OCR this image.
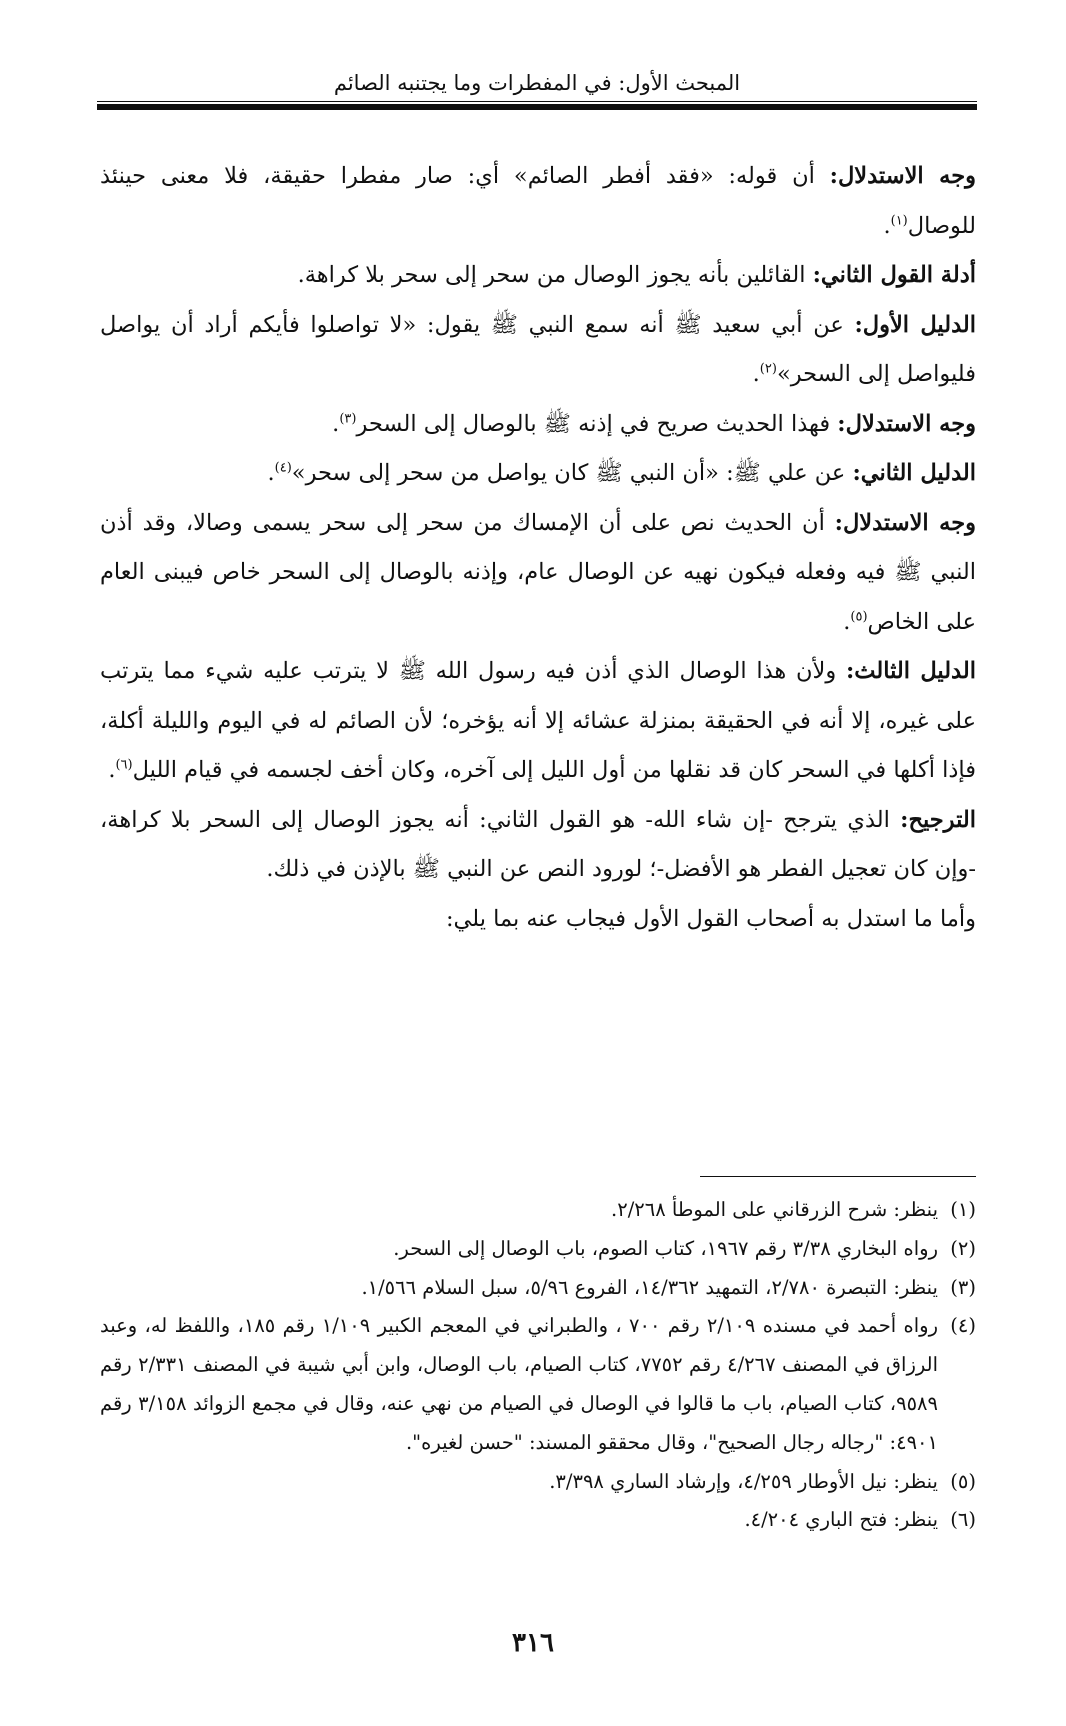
المبحث الأول: في المفطرات وما يجتنبه الصائم

وجه الاستدلال: أن قوله: «فقد أفطر الصائم» أي: صار مفطرا حقيقة، فلا معنى حينئذ للوصال$^{(١)}$.

أدلة القول الثاني: القائلين بأنه يجوز الوصال من سحر إلى سحر بلا كراهة.

الدليل الأول: عن أبي سعيد ﷺ أنه سمع النبي ﷺ يقول: «لا تواصلوا فأيكم أراد أن يواصل فليواصل إلى السحر»$^{(٢)}$.

وجه الاستدلال: فهذا الحديث صريح في إذنه ﷺ بالوصال إلى السحر$^{(٣)}$.

الدليل الثاني: عن علي ﷺ: «أن النبي ﷺ كان يواصل من سحر إلى سحر»$^{(٤)}$.

وجه الاستدلال: أن الحديث نص على أن الإمساك من سحر إلى سحر يسمى وصالا، وقد أذن النبي ﷺ فيه وفعله فيكون نهيه عن الوصال عام، وإذنه بالوصال إلى السحر خاص فيبنى العام على الخاص$^{(٥)}$.

الدليل الثالث: ولأن هذا الوصال الذي أذن فيه رسول الله ﷺ لا يترتب عليه شيء مما يترتب على غيره، إلا أنه في الحقيقة بمنزلة عشائه إلا أنه يؤخره؛ لأن الصائم له في اليوم والليلة أكلة، فإذا أكلها في السحر كان قد نقلها من أول الليل إلى آخره، وكان أخف لجسمه في قيام الليل$^{(٦)}$.

الترجيح: الذي يترجح -إن شاء الله- هو القول الثاني: أنه يجوز الوصال إلى السحر بلا كراهة، -وإن كان تعجيل الفطر هو الأفضل-؛ لورود النص عن النبي ﷺ بالإذن في ذلك.

وأما ما استدل به أصحاب القول الأول فيجاب عنه بما يلي:

(١)
ينظر: شرح الزرقاني على الموطأ ٢/٢٦٨.
(٢)
رواه البخاري ٣/٣٨ رقم ١٩٦٧، كتاب الصوم، باب الوصال إلى السحر.
(٣)
ينظر: التبصرة ٢/٧٨٠، التمهيد ١٤/٣٦٢، الفروع ٥/٩٦، سبل السلام ١/٥٦٦.
(٤)
رواه أحمد في مسنده ٢/١٠٩ رقم ٧٠٠ ، والطبراني في المعجم الكبير ١/١٠٩ رقم ١٨٥، واللفظ له، وعبد الرزاق في المصنف ٤/٢٦٧ رقم ٧٧٥٢، كتاب الصيام، باب الوصال، وابن أبي شيبة في المصنف ٢/٣٣١ رقم ٩٥٨٩، كتاب الصيام، باب ما قالوا في الوصال في الصيام من نهي عنه، وقال في مجمع الزوائد ٣/١٥٨ رقم ٤٩٠١: "رجاله رجال الصحيح"، وقال محققو المسند: "حسن لغيره".
(٥)
ينظر: نيل الأوطار ٤/٢٥٩، وإرشاد الساري ٣/٣٩٨.
(٦)
ينظر: فتح الباري ٤/٢٠٤.
٣١٦
